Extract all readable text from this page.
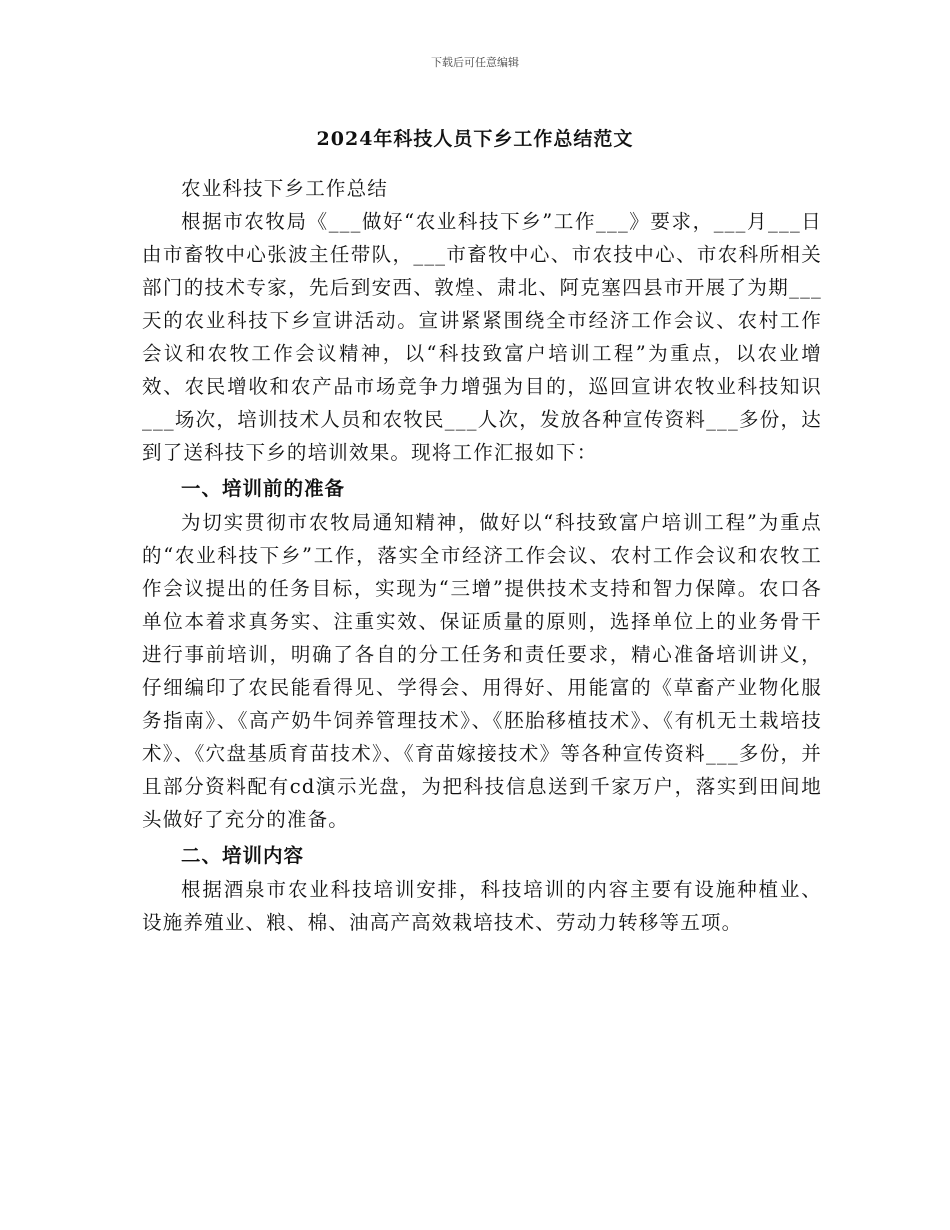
下载后可任意编辑
2024年科技人员下乡工作总结范文

农业科技下乡工作总结

根据市农牧局《___做好“农业科技下乡”工作___》要求，___月___日由市畜牧中心张波主任带队，___市畜牧中心、市农技中心、市农科所相关部门的技术专家，先后到安西、敦煌、肃北、阿克塞四县市开展了为期___天的农业科技下乡宣讲活动。宣讲紧紧围绕全市经济工作会议、农村工作会议和农牧工作会议精神，以“科技致富户培训工程”为重点，以农业增效、农民增收和农产品市场竞争力增强为目的，巡回宣讲农牧业科技知识___场次，培训技术人员和农牧民___人次，发放各种宣传资料___多份，达到了送科技下乡的培训效果。现将工作汇报如下：

一、培训前的准备

为切实贯彻市农牧局通知精神，做好以“科技致富户培训工程”为重点的“农业科技下乡”工作，落实全市经济工作会议、农村工作会议和农牧工作会议提出的任务目标，实现为“三增”提供技术支持和智力保障。农口各单位本着求真务实、注重实效、保证质量的原则，选择单位上的业务骨干进行事前培训，明确了各自的分工任务和责任要求，精心准备培训讲义，仔细编印了农民能看得见、学得会、用得好、用能富的《草畜产业物化服务指南》、《高产奶牛饲养管理技术》、《胚胎移植技术》、《有机无土栽培技术》、《穴盘基质育苗技术》、《育苗嫁接技术》等各种宣传资料___多份，并且部分资料配有cd演示光盘，为把科技信息送到千家万户，落实到田间地头做好了充分的准备。

二、培训内容

根据酒泉市农业科技培训安排，科技培训的内容主要有设施种植业、设施养殖业、粮、棉、油高产高效栽培技术、劳动力转移等五项。
